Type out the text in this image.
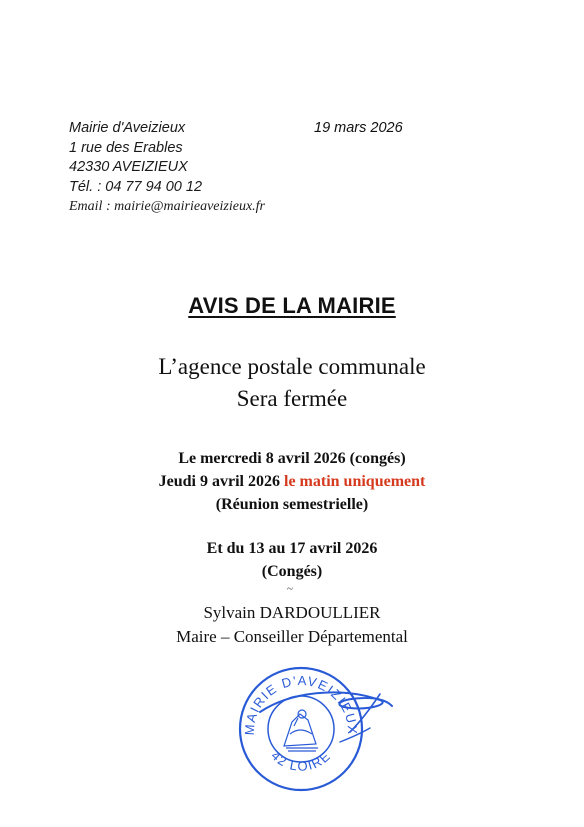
Mairie d'Aveizieux
1 rue des Erables
42330 AVEIZIEUX
Tél. : 04 77 94 00 12
Email : mairie@mairieaveizieux.fr
19 mars 2026
AVIS DE LA MAIRIE
L’agence postale communale
Sera fermée
Le mercredi 8 avril 2026 (congés)
Jeudi 9 avril 2026 le matin uniquement
(Réunion semestrielle)
Et du 13 au 17 avril 2026
(Congés)
~
Sylvain DARDOULLIER
Maire – Conseiller Départemental
MAIRIE D'AVEIZIEUX
42 LOIRE
